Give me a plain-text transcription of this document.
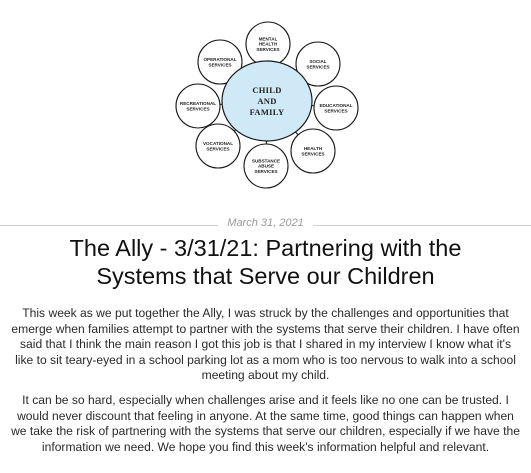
MENTAL
HEALTH
SERVICES
SOCIAL
SERVICES
EDUCATIONAL
SERVICES
HEALTH
SERVICES
SUBSTANCE
ABUSE
SERVICES
VOCATIONAL
SERVICES
RECREATIONAL
SERVICES
OPERATIONAL
SERVICES
CHILD
AND
FAMILY
March 31, 2021
The Ally - 3/31/21: Partnering with the
Systems that Serve our Children

This week as we put together the Ally, I was struck by the challenges and opportunities that emerge when families attempt to partner with the systems that serve their children. I have often said that I think the main reason I got this job is that I shared in my interview I know what it's like to sit teary-eyed in a school parking lot as a mom who is too nervous to walk into a school meeting about my child.

It can be so hard, especially when challenges arise and it feels like no one can be trusted. I would never discount that feeling in anyone. At the same time, good things can happen when we take the risk of partnering with the systems that serve our children, especially if we have the information we need. We hope you find this week's information helpful and relevant.
